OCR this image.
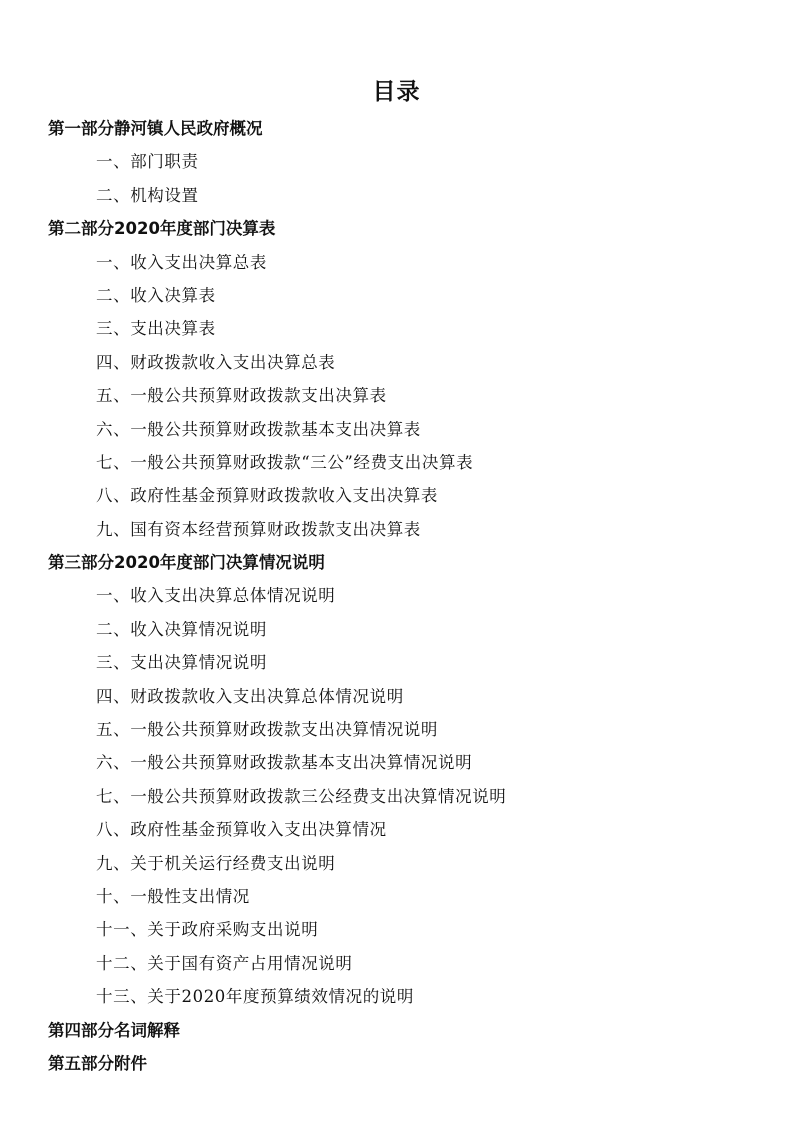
目录
第一部分静河镇人民政府概况
一、部门职责
二、机构设置
第二部分2020年度部门决算表
一、收入支出决算总表
二、收入决算表
三、支出决算表
四、财政拨款收入支出决算总表
五、一般公共预算财政拨款支出决算表
六、一般公共预算财政拨款基本支出决算表
七、一般公共预算财政拨款“三公”经费支出决算表
八、政府性基金预算财政拨款收入支出决算表
九、国有资本经营预算财政拨款支出决算表
第三部分2020年度部门决算情况说明
一、收入支出决算总体情况说明
二、收入决算情况说明
三、支出决算情况说明
四、财政拨款收入支出决算总体情况说明
五、一般公共预算财政拨款支出决算情况说明
六、一般公共预算财政拨款基本支出决算情况说明
七、一般公共预算财政拨款三公经费支出决算情况说明
八、政府性基金预算收入支出决算情况
九、关于机关运行经费支出说明
十、一般性支出情况
十一、关于政府采购支出说明
十二、关于国有资产占用情况说明
十三、关于2020年度预算绩效情况的说明
第四部分名词解释
第五部分附件
